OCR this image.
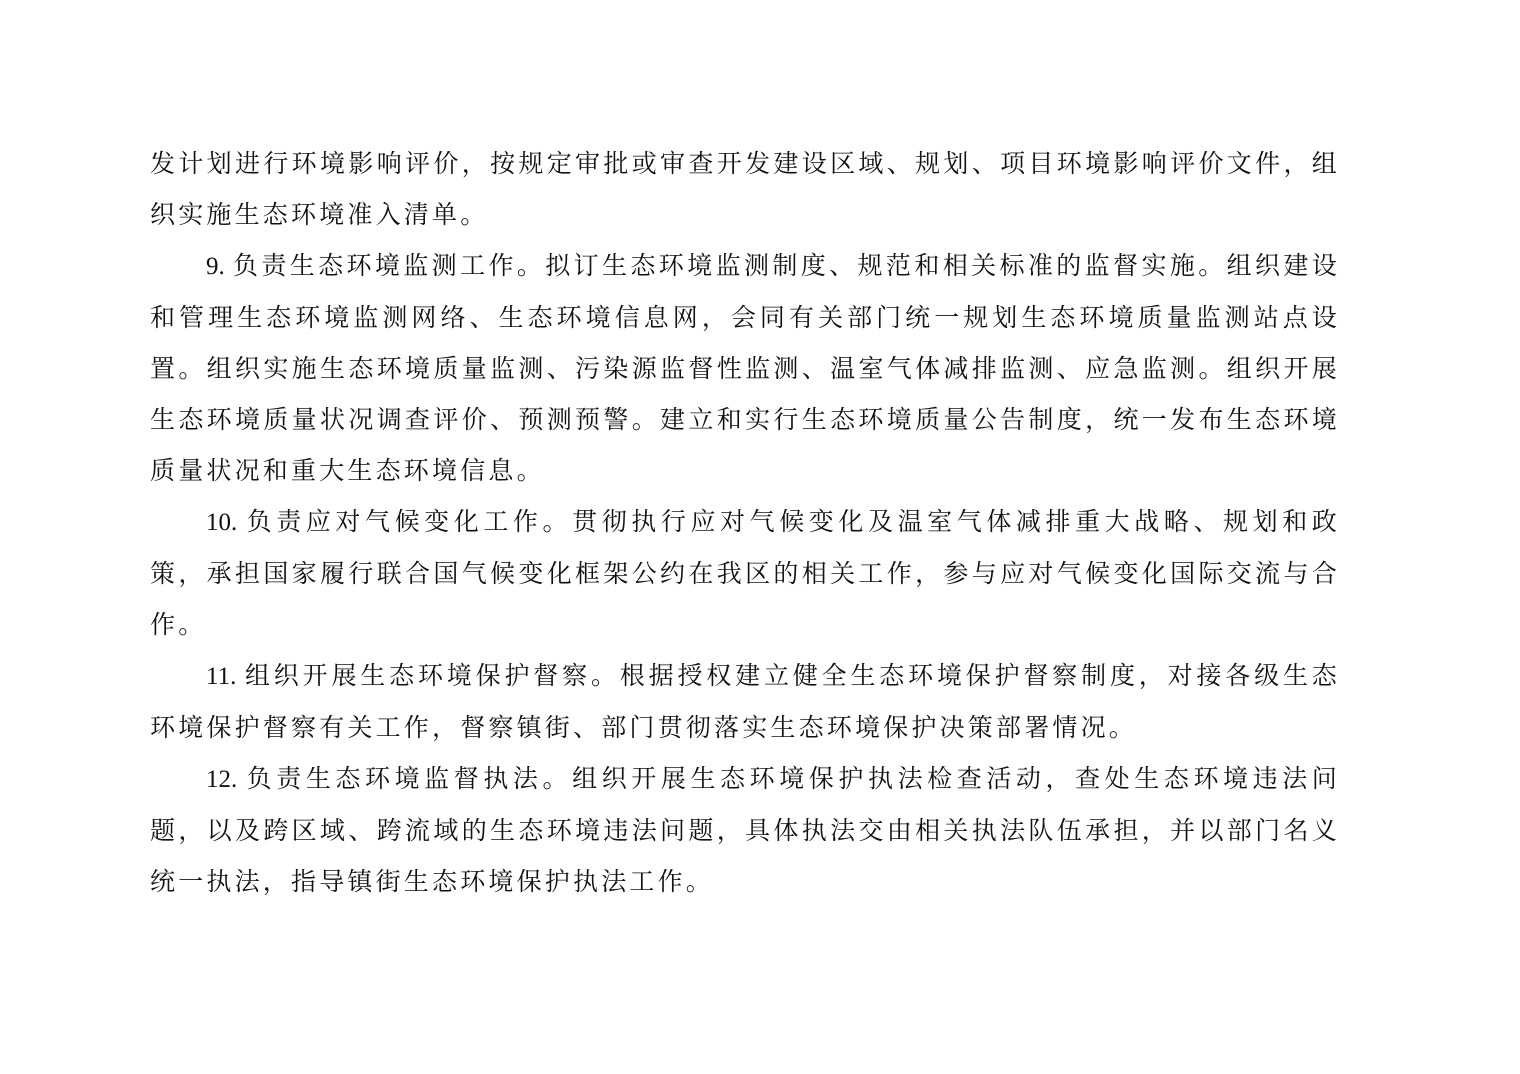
发计划进行环境影响评价，按规定审批或审查开发建设区域、规划、项目环境影响评价文件，组织实施生态环境准入清单。

9. 负责生态环境监测工作。拟订生态环境监测制度、规范和相关标准的监督实施。组织建设和管理生态环境监测网络、生态环境信息网，会同有关部门统一规划生态环境质量监测站点设置。组织实施生态环境质量监测、污染源监督性监测、温室气体减排监测、应急监测。组织开展生态环境质量状况调查评价、预测预警。建立和实行生态环境质量公告制度，统一发布生态环境质量状况和重大生态环境信息。

10. 负责应对气候变化工作。贯彻执行应对气候变化及温室气体减排重大战略、规划和政策，承担国家履行联合国气候变化框架公约在我区的相关工作，参与应对气候变化国际交流与合作。

11. 组织开展生态环境保护督察。根据授权建立健全生态环境保护督察制度，对接各级生态环境保护督察有关工作，督察镇街、部门贯彻落实生态环境保护决策部署情况。

12. 负责生态环境监督执法。组织开展生态环境保护执法检查活动，查处生态环境违法问题，以及跨区域、跨流域的生态环境违法问题，具体执法交由相关执法队伍承担，并以部门名义统一执法，指导镇街生态环境保护执法工作。
